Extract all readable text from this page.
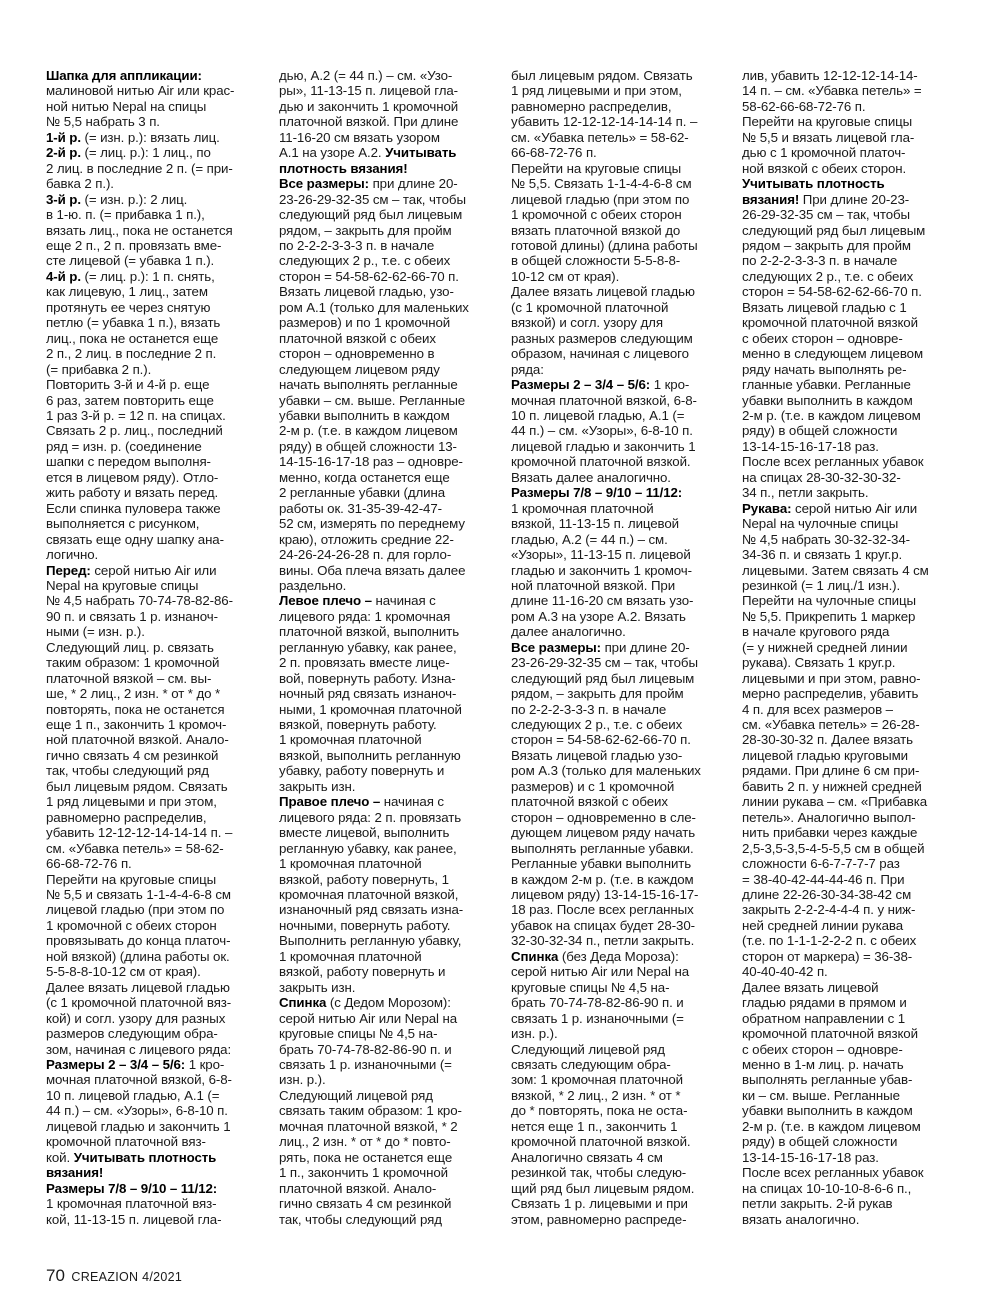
Шапка для аппликации:

малиновой нитью Air или крас-

ной нитью Nepal на спицы

№ 5,5 набрать 3 п.

1-й р. (= изн. р.): вязать лиц.

2-й р. (= лиц. р.): 1 лиц., по

2 лиц. в последние 2 п. (= при-

бавка 2 п.).

3-й р. (= изн. р.): 2 лиц.

в 1-ю. п. (= прибавка 1 п.),

вязать лиц., пока не останется

еще 2 п., 2 п. провязать вме-

сте лицевой (= убавка 1 п.).

4-й р. (= лиц. р.): 1 п. снять,

как лицевую, 1 лиц., затем

протянуть ее через снятую

петлю (= убавка 1 п.), вязать

лиц., пока не останется еще

2 п., 2 лиц. в последние 2 п.

(= прибавка 2 п.).

Повторить 3-й и 4-й р. еще

6 раз, затем повторить еще

1 раз 3-й р. = 12 п. на спицах.

Связать 2 р. лиц., последний

ряд = изн. р. (соединение

шапки с передом выполня-

ется в лицевом ряду). Отло-

жить работу и вязать перед.

Если спинка пуловера также

выполняется с рисунком,

связать еще одну шапку ана-

логично.

Перед: серой нитью Air или

Nepal на круговые спицы

№ 4,5 набрать 70-74-78-82-86-

90 п. и связать 1 р. изнаноч-

ными (= изн. р.).

Следующий лиц. р. связать

таким образом: 1 кромочной

платочной вязкой – см. вы-

ше, * 2 лиц., 2 изн. * от * до *

повторять, пока не останется

еще 1 п., закончить 1 кромоч-

ной платочной вязкой. Анало-

гично связать 4 см резинкой

так, чтобы следующий ряд

был лицевым рядом. Связать

1 ряд лицевыми и при этом,

равномерно распределив,

убавить 12-12-12-14-14-14 п. –

см. «Убавка петель» = 58-62-

66-68-72-76 п.

Перейти на круговые спицы

№ 5,5 и связать 1-1-4-4-6-8 см

лицевой гладью (при этом по

1 кромочной с обеих сторон

провязывать до конца платоч-

ной вязкой) (длина работы ок.

5-5-8-8-10-12 см от края).

Далее вязать лицевой гладью

(с 1 кромочной платочной вяз-

кой) и согл. узору для разных

размеров следующим обра-

зом, начиная с лицевого ряда:

Размеры 2 – 3/4 – 5/6: 1 кро-

мочная платочной вязкой, 6-8-

10 п. лицевой гладью, А.1 (=

44 п.) – см. «Узоры», 6-8-10 п.

лицевой гладью и закончить 1

кромочной платочной вяз-

кой. Учитывать плотность

вязания!

Размеры 7/8 – 9/10 – 11/12:

1 кромочная платочной вяз-

кой, 11-13-15 п. лицевой гла-

дью, А.2 (= 44 п.) – см. «Узо-

ры», 11-13-15 п. лицевой гла-

дью и закончить 1 кромочной

платочной вязкой. При длине

11-16-20 см вязать узором

А.1 на узоре А.2. Учитывать

плотность вязания!

Все размеры: при длине 20-

23-26-29-32-35 см – так, чтобы

следующий ряд был лицевым

рядом, – закрыть для пройм

по 2-2-2-3-3-3 п. в начале

следующих 2 р., т.е. с обеих

сторон = 54-58-62-62-66-70 п.

Вязать лицевой гладью, узо-

ром А.1 (только для маленьких

размеров) и по 1 кромочной

платочной вязкой с обеих

сторон – одновременно в

следующем лицевом ряду

начать выполнять регланные

убавки – см. выше. Регланные

убавки выполнить в каждом

2-м р. (т.е. в каждом лицевом

ряду) в общей сложности 13-

14-15-16-17-18 раз – одновре-

менно, когда останется еще

2 регланные убавки (длина

работы ок. 31-35-39-42-47-

52 см, измерять по переднему

краю), отложить средние 22-

24-26-24-26-28 п. для горло-

вины. Оба плеча вязать далее

раздельно.

Левое плечо – начиная с

лицевого ряда: 1 кромочная

платочной вязкой, выполнить

регланную убавку, как ранее,

2 п. провязать вместе лице-

вой, повернуть работу. Изна-

ночный ряд связать изнаноч-

ными, 1 кромочная платочной

вязкой, повернуть работу.

1 кромочная платочной

вязкой, выполнить регланную

убавку, работу повернуть и

закрыть изн.

Правое плечо – начиная с

лицевого ряда: 2 п. провязать

вместе лицевой, выполнить

регланную убавку, как ранее,

1 кромочная платочной

вязкой, работу повернуть, 1

кромочная платочной вязкой,

изнаночный ряд связать изна-

ночными, повернуть работу.

Выполнить регланную убавку,

1 кромочная платочной

вязкой, работу повернуть и

закрыть изн.

Спинка (с Дедом Морозом):

серой нитью Air или Nepal на

круговые спицы № 4,5 на-

брать 70-74-78-82-86-90 п. и

связать 1 р. изнаночными (=

изн. р.).

Следующий лицевой ряд

связать таким образом: 1 кро-

мочная платочной вязкой, * 2

лиц., 2 изн. * от * до * повто-

рять, пока не останется еще

1 п., закончить 1 кромочной

платочной вязкой. Анало-

гично связать 4 см резинкой

так, чтобы следующий ряд

был лицевым рядом. Связать

1 ряд лицевыми и при этом,

равномерно распределив,

убавить 12-12-12-14-14-14 п. –

см. «Убавка петель» = 58-62-

66-68-72-76 п.

Перейти на круговые спицы

№ 5,5. Связать 1-1-4-4-6-8 см

лицевой гладью (при этом по

1 кромочной с обеих сторон

вязать платочной вязкой до

готовой длины) (длина работы

в общей сложности 5-5-8-8-

10-12 см от края).

Далее вязать лицевой гладью

(с 1 кромочной платочной

вязкой) и согл. узору для

разных размеров следующим

образом, начиная с лицевого

ряда:

Размеры 2 – 3/4 – 5/6: 1 кро-

мочная платочной вязкой, 6-8-

10 п. лицевой гладью, А.1 (=

44 п.) – см. «Узоры», 6-8-10 п.

лицевой гладью и закончить 1

кромочной платочной вязкой.

Вязать далее аналогично.

Размеры 7/8 – 9/10 – 11/12:

1 кромочная платочной

вязкой, 11-13-15 п. лицевой

гладью, А.2 (= 44 п.) – см.

«Узоры», 11-13-15 п. лицевой

гладью и закончить 1 кромоч-

ной платочной вязкой. При

длине 11-16-20 см вязать узо-

ром А.3 на узоре А.2. Вязать

далее аналогично.

Все размеры: при длине 20-

23-26-29-32-35 см – так, чтобы

следующий ряд был лицевым

рядом, – закрыть для пройм

по 2-2-2-3-3-3 п. в начале

следующих 2 р., т.е. с обеих

сторон = 54-58-62-62-66-70 п.

Вязать лицевой гладью узо-

ром А.3 (только для маленьких

размеров) и с 1 кромочной

платочной вязкой с обеих

сторон – одновременно в сле-

дующем лицевом ряду начать

выполнять регланные убавки.

Регланные убавки выполнить

в каждом 2-м р. (т.е. в каждом

лицевом ряду) 13-14-15-16-17-

18 раз. После всех регланных

убавок на спицах будет 28-30-

32-30-32-34 п., петли закрыть.

Спинка (без Деда Мороза):

серой нитью Air или Nepal на

круговые спицы № 4,5 на-

брать 70-74-78-82-86-90 п. и

связать 1 р. изнаночными (=

изн. р.).

Следующий лицевой ряд

связать следующим обра-

зом: 1 кромочная платочной

вязкой, * 2 лиц., 2 изн. * от *

до * повторять, пока не оста-

нется еще 1 п., закончить 1

кромочной платочной вязкой.

Аналогично связать 4 см

резинкой так, чтобы следую-

щий ряд был лицевым рядом.

Связать 1 р. лицевыми и при

этом, равномерно распреде-

лив, убавить 12-12-12-14-14-

14 п. – см. «Убавка петель» =

58-62-66-68-72-76 п.

Перейти на круговые спицы

№ 5,5 и вязать лицевой гла-

дью с 1 кромочной платоч-

ной вязкой с обеих сторон.

Учитывать плотность

вязания! При длине 20-23-

26-29-32-35 см – так, чтобы

следующий ряд был лицевым

рядом – закрыть для пройм

по 2-2-2-3-3-3 п. в начале

следующих 2 р., т.е. с обеих

сторон = 54-58-62-62-66-70 п.

Вязать лицевой гладью с 1

кромочной платочной вязкой

с обеих сторон – одновре-

менно в следующем лицевом

ряду начать выполнять ре-

гланные убавки. Регланные

убавки выполнить в каждом

2-м р. (т.е. в каждом лицевом

ряду) в общей сложности

13-14-15-16-17-18 раз.

После всех регланных убавок

на спицах 28-30-32-30-32-

34 п., петли закрыть.

Рукава: серой нитью Air или

Nepal на чулочные спицы

№ 4,5 набрать 30-32-32-34-

34-36 п. и связать 1 круг.р.

лицевыми. Затем связать 4 см

резинкой (= 1 лиц./1 изн.).

Перейти на чулочные спицы

№ 5,5. Прикрепить 1 маркер

в начале кругового ряда

(= у нижней средней линии

рукава). Связать 1 круг.р.

лицевыми и при этом, равно-

мерно распределив, убавить

4 п. для всех размеров –

см. «Убавка петель» = 26-28-

28-30-30-32 п. Далее вязать

лицевой гладью круговыми

рядами. При длине 6 см при-

бавить 2 п. у нижней средней

линии рукава – см. «Прибавка

петель». Аналогично выпол-

нить прибавки через каждые

2,5-3,5-3,5-4-5-5,5 см в общей

сложности 6-6-7-7-7-7 раз

= 38-40-42-44-44-46 п. При

длине 22-26-30-34-38-42 см

закрыть 2-2-2-4-4-4 п. у ниж-

ней средней линии рукава

(т.е. по 1-1-1-2-2-2 п. с обеих

сторон от маркера) = 36-38-

40-40-40-42 п.

Далее вязать лицевой

гладью рядами в прямом и

обратном направлении с 1

кромочной платочной вязкой

с обеих сторон – одновре-

менно в 1-м лиц. р. начать

выполнять регланные убав-

ки – см. выше. Регланные

убавки выполнить в каждом

2-м р. (т.е. в каждом лицевом

ряду) в общей сложности

13-14-15-16-17-18 раз.

После всех регланных убавок

на спицах 10-10-10-8-6-6 п.,

петли закрыть. 2-й рукав

вязать аналогично.

70 CREAZION 4/2021
